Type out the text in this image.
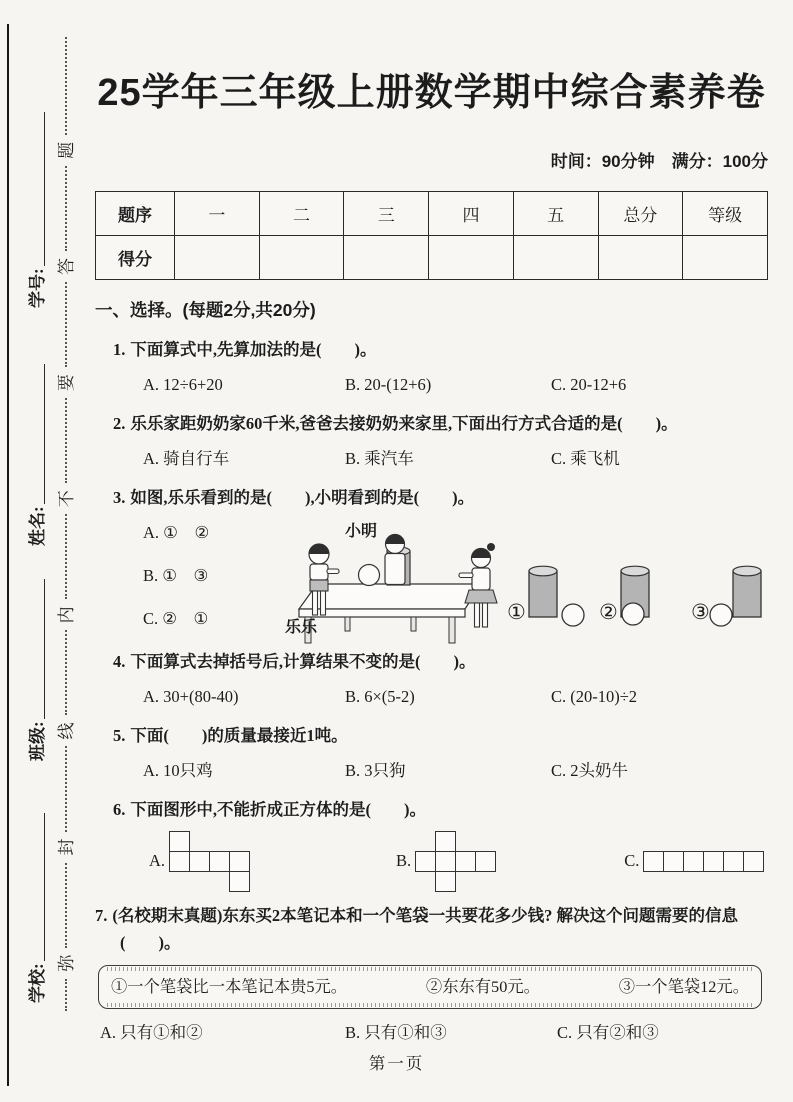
弥
封
线
内
不
要
答
题
学号:
姓名:
班级:
学校:
25学年三年级上册数学期中综合素养卷
时间：90分钟　满分：100分
题序	一	二	三	四	五	总分	等级
得分							
一、选择。(每题2分,共20分)
1. 下面算式中,先算加法的是(　　)。
A. 12÷6+20	B. 20-(12+6)	C. 20-12+6
2. 乐乐家距奶奶家60千米,爸爸去接奶奶来家里,下面出行方式合适的是(　　)。
A. 骑自行车	B. 乘汽车	C. 乘飞机
3. 如图,乐乐看到的是(　　),小明看到的是(　　)。
A. ①　②
B. ①　③
C. ②　①
小明
乐乐
①	②	③
4. 下面算式去掉括号后,计算结果不变的是(　　)。
A. 30+(80-40)	B. 6×(5-2)	C. (20-10)÷2
5. 下面(　　)的质量最接近1吨。
A. 10只鸡	B. 3只狗	C. 2头奶牛
6. 下面图形中,不能折成正方体的是(　　)。
A.	B.	C.
7. (名校期末真题)东东买2本笔记本和一个笔袋一共要花多少钱? 解决这个问题需要的信息(　　)。
①一个笔袋比一本笔记本贵5元。	②东东有50元。	③一个笔袋12元。
A. 只有①和②	B. 只有①和③	C. 只有②和③
第一页
